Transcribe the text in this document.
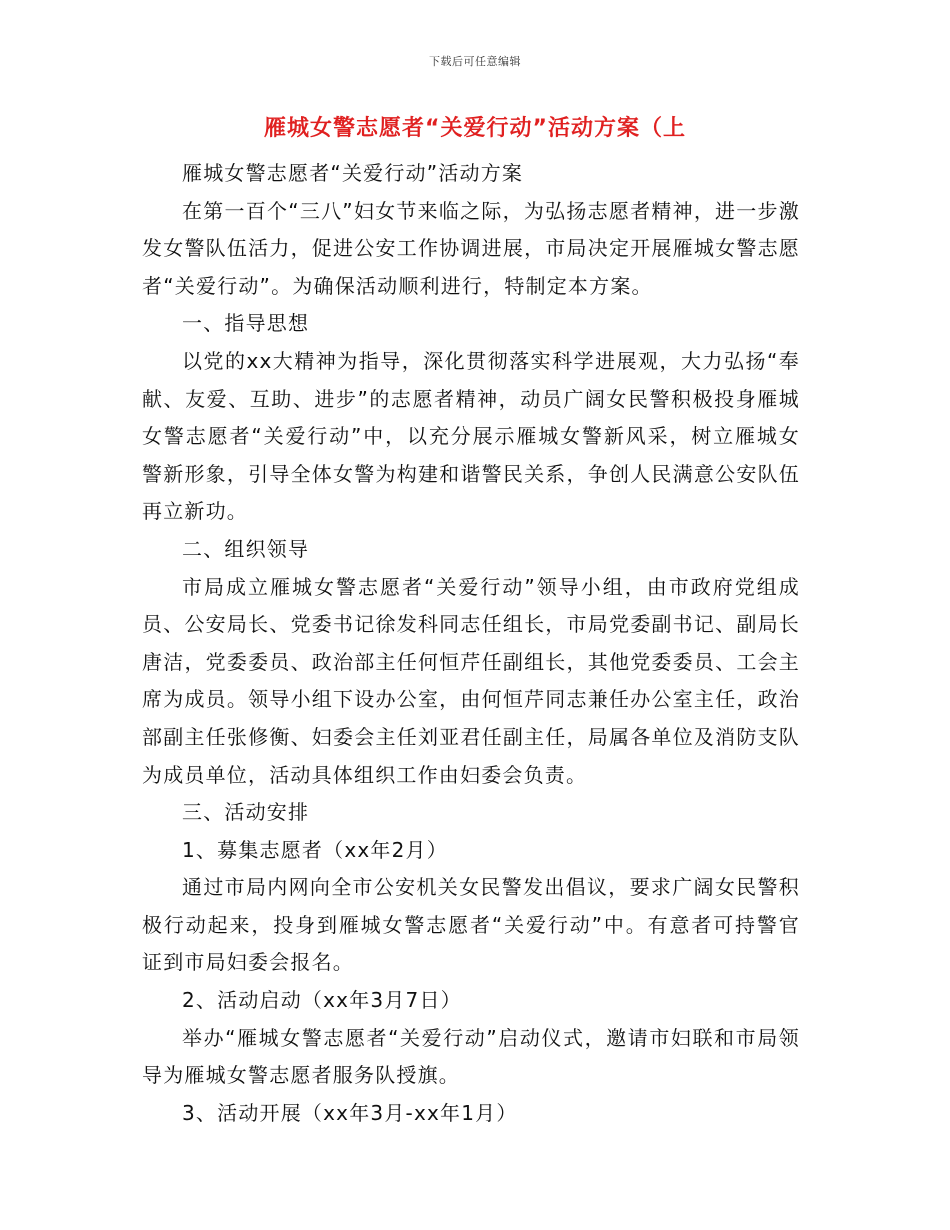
下载后可任意编辑
雁城女警志愿者“关爱行动”活动方案（上

雁城女警志愿者“关爱行动”活动方案

在第一百个“三八”妇女节来临之际，为弘扬志愿者精神，进一步激发女警队伍活力，促进公安工作协调进展，市局决定开展雁城女警志愿者“关爱行动”。为确保活动顺利进行，特制定本方案。

一、指导思想

以党的xx大精神为指导，深化贯彻落实科学进展观，大力弘扬“奉献、友爱、互助、进步”的志愿者精神，动员广阔女民警积极投身雁城女警志愿者“关爱行动”中，以充分展示雁城女警新风采，树立雁城女警新形象，引导全体女警为构建和谐警民关系，争创人民满意公安队伍再立新功。

二、组织领导

市局成立雁城女警志愿者“关爱行动”领导小组，由市政府党组成员、公安局长、党委书记徐发科同志任组长，市局党委副书记、副局长唐洁，党委委员、政治部主任何恒芹任副组长，其他党委委员、工会主席为成员。领导小组下设办公室，由何恒芹同志兼任办公室主任，政治部副主任张修衡、妇委会主任刘亚君任副主任，局属各单位及消防支队为成员单位，活动具体组织工作由妇委会负责。

三、活动安排

1、募集志愿者（xx年2月）

通过市局内网向全市公安机关女民警发出倡议，要求广阔女民警积极行动起来，投身到雁城女警志愿者“关爱行动”中。有意者可持警官证到市局妇委会报名。

2、活动启动（xx年3月7日）

举办“雁城女警志愿者“关爱行动”启动仪式，邀请市妇联和市局领导为雁城女警志愿者服务队授旗。

3、活动开展（xx年3月-xx年1月）
